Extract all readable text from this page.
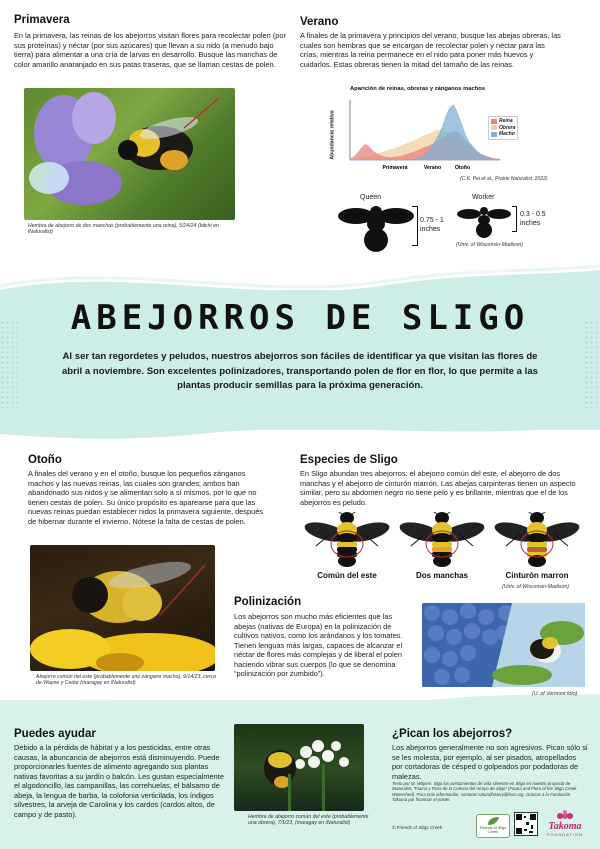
Primavera

En la primavera, las reinas de los abejorros visitan flores para recolectar polen (por sus proteínas) y néctar (por sus azúcares) que llevan a su nido (a menudo bajo tierra) para alimentar a una cría de larvas en desarrollo. Busque las manchas de color amarillo anaranjado en sus patas traseras, que se llaman cestas de polen.

Hembra de abejorro de dos manchas (probablemente una reina), 5/24/24 (bitchi en iNaturalist)

Verano

A finales de la primavera y principios del verano, busque las abejas obreras, las cuales son hembras que se encargan de recolectar polen y néctar para las crías, mientras la reina permanece en el nido para poner más huevos y cuidarlos. Estas obreras tienen la mitad del tamaño de las reinas.

Aparición de reinas, obreras y zánganos machos
Abundancia relativa
Primavera	Verano	Otoño
Reina
Obrera
Macho
(C.K. Pei et al., Prairie Naturalist, 2022)
Queen
0.75 - 1 inches
Worker
0.3 - 0.5 inches
(Univ. of Wisconsin-Madison)
ABEJORROS DE SLIGO

Al ser tan regordetes y peludos, nuestros abejorros son fáciles de identificar ya que visitan las flores de abril a noviembre. Son excelentes polinizadores, transportando polen de flor en flor, lo que permite a las plantas producir semillas para la próxima generación.

Otoño

A finales del verano y en el otoño, busque los pequeños zánganos machos y las nuevas reinas, las cuales son grandes; ambos han abandonado sus nidos y se alimentan solo a sí mismos, por lo que no tienen cestas de polen. Su único propósito es aparearse para que las nuevas reinas puedan establecer nidos la primavera siguiente, después de hibernar durante el invierno. Nótese la falta de cestas de polen.

Abejorro común del este (probablemente uno zángano macho), 9/14/23, cerca de Wayne y Cedar (maragay en iNaturalist)

Especies de Sligo

En Sligo abundan tres abejorros: el abejorro común del este, el abejorro de dos manchas y el abejorro de cinturón marrón. Las abejas carpinteras tienen un aspecto similar, pero su abdomen negro no tiene pelo y es brillante, mientras que el de los abejorros es peludo.

Común del este	Dos manchas	Cinturón marron
(Univ. of Wisconsin-Madison)
Polinización

Los abejorros son mucho más eficientes que las abejas (nativas de Europa) en la polinización de cultivos nativos, como los arándanos y los tomates. Tienen lenguas más largas, capaces de alcanzar el néctar de flores más complejas y de liberal el polen haciendo vibrar sus cuerpos (lo que se denomina “polinización por zumbido”).

(U. of Vermont foto)
Puedes ayudar

Debido a la pérdida de hábitat y a los pesticidas, entre otras causas, la abuncancia de abejorros está disminuyendo. Puede proporcionarles fuentes de alimento agregando sus plantas nativas favoritas a su jardín o balcón. Les gustan especialmente el algodoncillo, las campanillas, las correhuelas, el bálsamo de abeja, la lengua de barba, la colofonia verticilada, los índigos silvestres, la arveja de Carolina y los cardos (cardos altos, de campo y de pasto).	Hembra de abejorro común del este (probablemente una obrera), 7/1/23, (maragay en iNaturalist)

¿Pican los abejorros?

Los abejorros generalmente no son agresivos. Pican sólo si se les molesta, por ejemplo, al ser pisados, atropellados por cortadoras de césped o golpeados por podadoras de malezas.

Texto por M. Wilpers. Siga los avistamientos de vida silvestre en Sligo en nuestro proyecto de iNaturalist, "Fauna y Flora de la Cuenca del Arroyo de Sligo" (Fauna and Flora of the Sligo Creek Watershed). Para más información, contacte naturalhistory@fosc.org. Gracias a la Fundación Takoma por financiar el póster.

© Friends of Sligo Creek	Friends of Sligo Creek
Takoma
FOUNDATION
